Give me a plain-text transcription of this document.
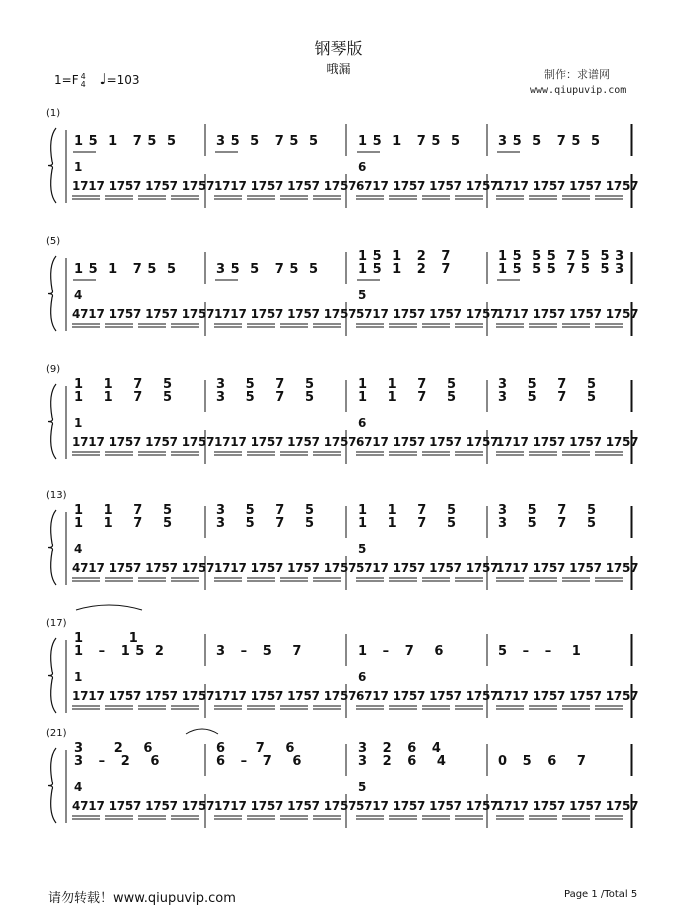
钢琴版
哦漏
1=F 4
4 ♩=103	制作：求谱网
www.qiupuvip.com
(1)
1 5  1   7 5  5
1
1717 1757 1757 1757
3 5  5   7 5  5
1717 1757 1757 1757
1 5  1   7 5  5
6
6717 1757 1757 1757
3 5  5   7 5  5
1717 1757 1757 1757
(5)
1 5  1   7 5  5
4
4717 1757 1757 1757
3 5  5   7 5  5
1717 1757 1757 1757
1 5  1   2   7
1 5  1   2   7
5
5717 1757 1757 1757
1 5  5 5  7 5  5 3
1 5  5 5  7 5  5 3
1717 1757 1757 1757
(9)
1    1    7    5
1    1    7    5
1
1717 1757 1757 1757
3    5    7    5
3    5    7    5
1717 1757 1757 1757
1    1    7    5
1    1    7    5
6
6717 1757 1757 1757
3    5    7    5
3    5    7    5
1717 1757 1757 1757
(13)
1    1    7    5
1    1    7    5
4
4717 1757 1757 1757
3    5    7    5
3    5    7    5
1717 1757 1757 1757
1    1    7    5
1    1    7    5
5
5717 1757 1757 1757
3    5    7    5
3    5    7    5
1717 1757 1757 1757
(17)
1         1
1   –   1 5  2
1
1717 1757 1757 1757
3   –   5    7
1717 1757 1757 1757
1   –   7    6
6
6717 1757 1757 1757
5   –   –    1
1717 1757 1757 1757
(21)
3      2    6
3   –   2    6
4
4717 1757 1757 1757
6      7    6
6   –   7    6
1717 1757 1757 1757
3   2   6   4
3   2   6    4
5
5717 1757 1757 1757
0   5   6    7
1717 1757 1757 1757
请勿转载！www.qiupuvip.com	Page 1 /Total 5
